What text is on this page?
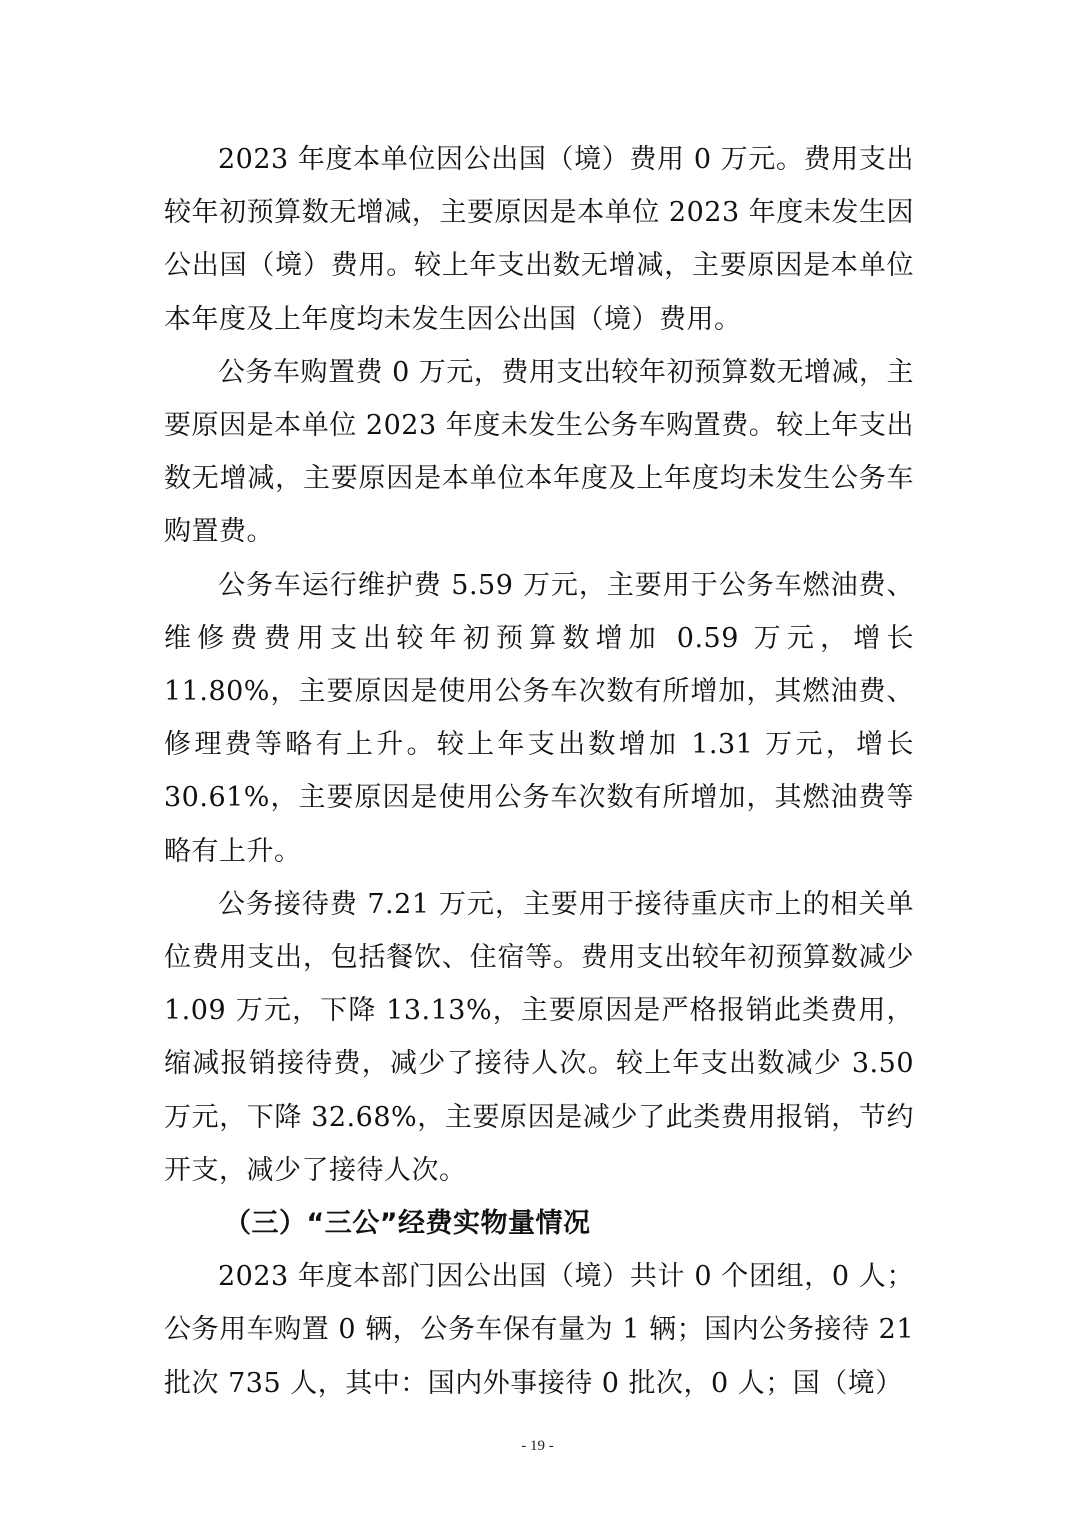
2023 年度本单位因公出国（境）费用 0 万元。费用支出较年初预算数无增减，主要原因是本单位 2023 年度未发生因公出国（境）费用。较上年支出数无增减，主要原因是本单位本年度及上年度均未发生因公出国（境）费用。

公务车购置费 0 万元，费用支出较年初预算数无增减，主要原因是本单位 2023 年度未发生公务车购置费。较上年支出数无增减，主要原因是本单位本年度及上年度均未发生公务车购置费。

公务车运行维护费 5.59 万元，主要用于公务车燃油费、维修费费用支出较年初预算数增加 0.59 万元，增长 11.80%，主要原因是使用公务车次数有所增加，其燃油费、修理费等略有上升。较上年支出数增加 1.31 万元，增长 30.61%，主要原因是使用公务车次数有所增加，其燃油费等略有上升。

公务接待费 7.21 万元，主要用于接待重庆市上的相关单位费用支出，包括餐饮、住宿等。费用支出较年初预算数减少 1.09 万元，下降 13.13%，主要原因是严格报销此类费用，缩减报销接待费，减少了接待人次。较上年支出数减少 3.50 万元，下降 32.68%，主要原因是减少了此类费用报销，节约开支，减少了接待人次。

（三）“三公”经费实物量情况

2023 年度本部门因公出国（境）共计 0 个团组，0 人；公务用车购置 0 辆，公务车保有量为 1 辆；国内公务接待 21 批次 735 人，其中：国内外事接待 0 批次，0 人；国（境）

- 19 -
